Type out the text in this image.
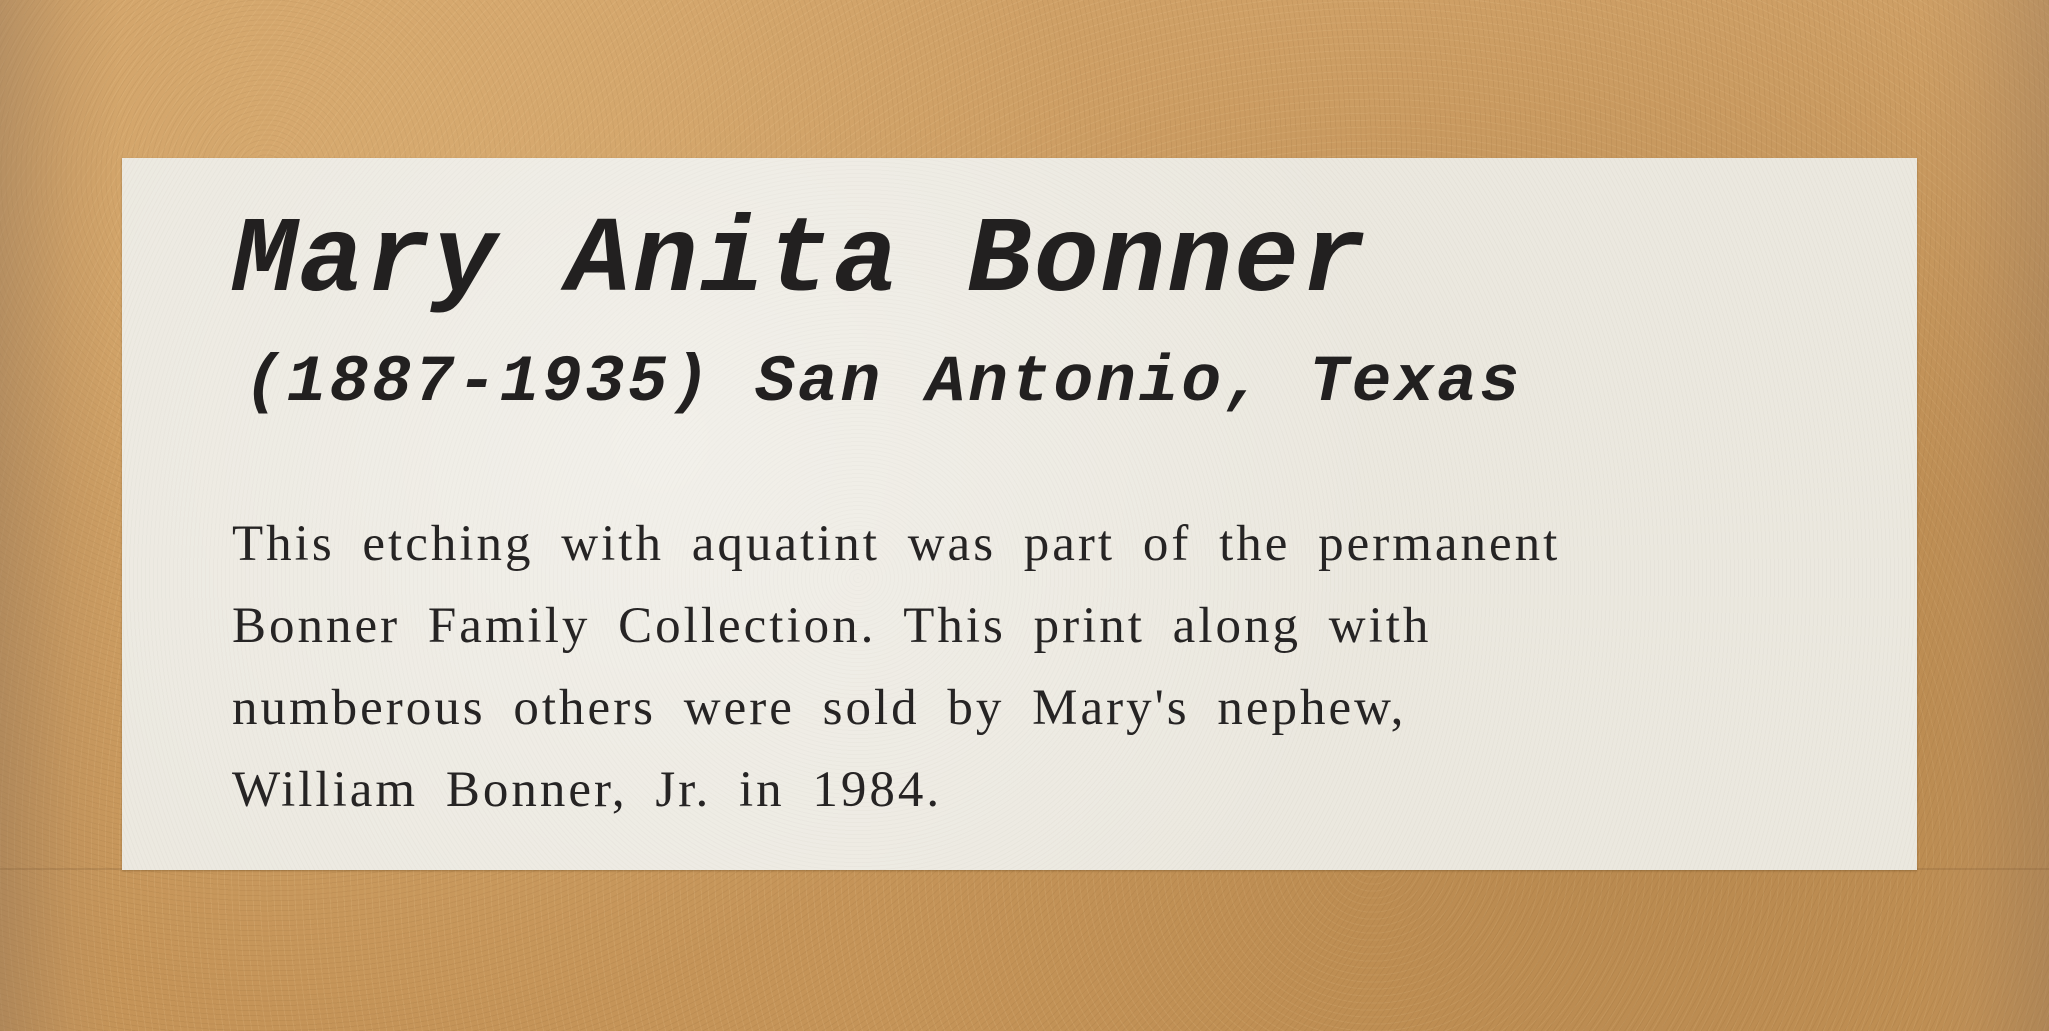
Mary Anita Bonner
(1887-1935) San Antonio, Texas

This etching with aquatint was part of the permanent
Bonner Family Collection. This print along with
numberous others were sold by Mary's nephew,
William Bonner, Jr. in 1984.
